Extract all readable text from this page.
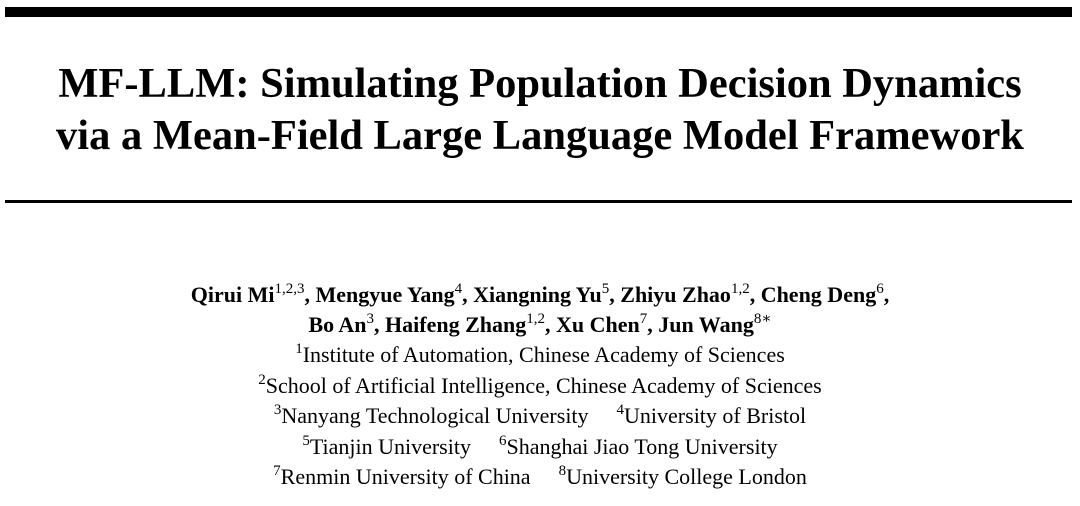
MF-LLM: Simulating Population Decision Dynamics
via a Mean-Field Large Language Model Framework
Qirui Mi$^{1,2,3}$, Mengyue Yang$^4$, Xiangning Yu$^5$, Zhiyu Zhao$^{1,2}$, Cheng Deng$^6$,
Bo An$^3$, Haifeng Zhang$^{1,2}$, Xu Chen$^7$, Jun Wang$^{8∗}$
$^1$Institute of Automation, Chinese Academy of Sciences
$^2$School of Artificial Intelligence, Chinese Academy of Sciences
$^3$Nanyang Technological University $^4$University of Bristol
$^5$Tianjin University $^6$Shanghai Jiao Tong University
$^7$Renmin University of China $^8$University College London
